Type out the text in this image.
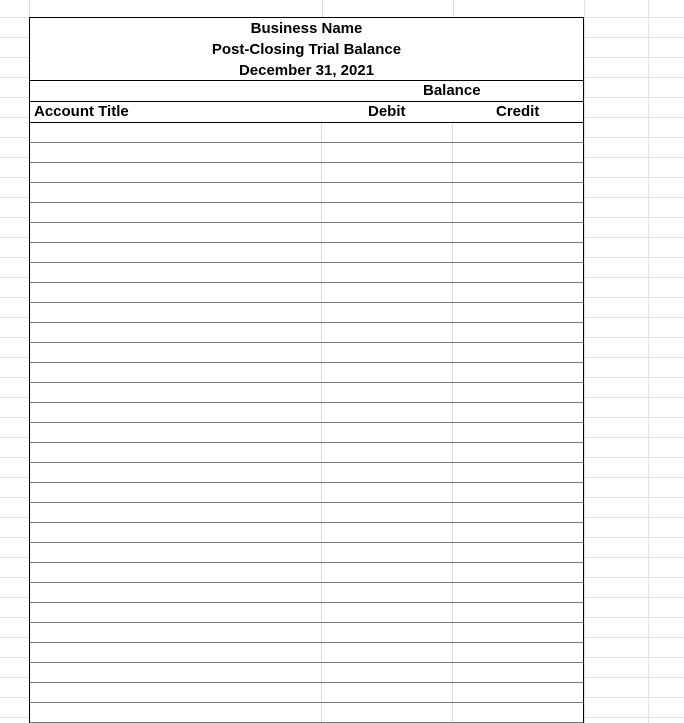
Business Name
Post-Closing Trial Balance
December 31, 2021
Balance
Account Title	Debit	Credit
